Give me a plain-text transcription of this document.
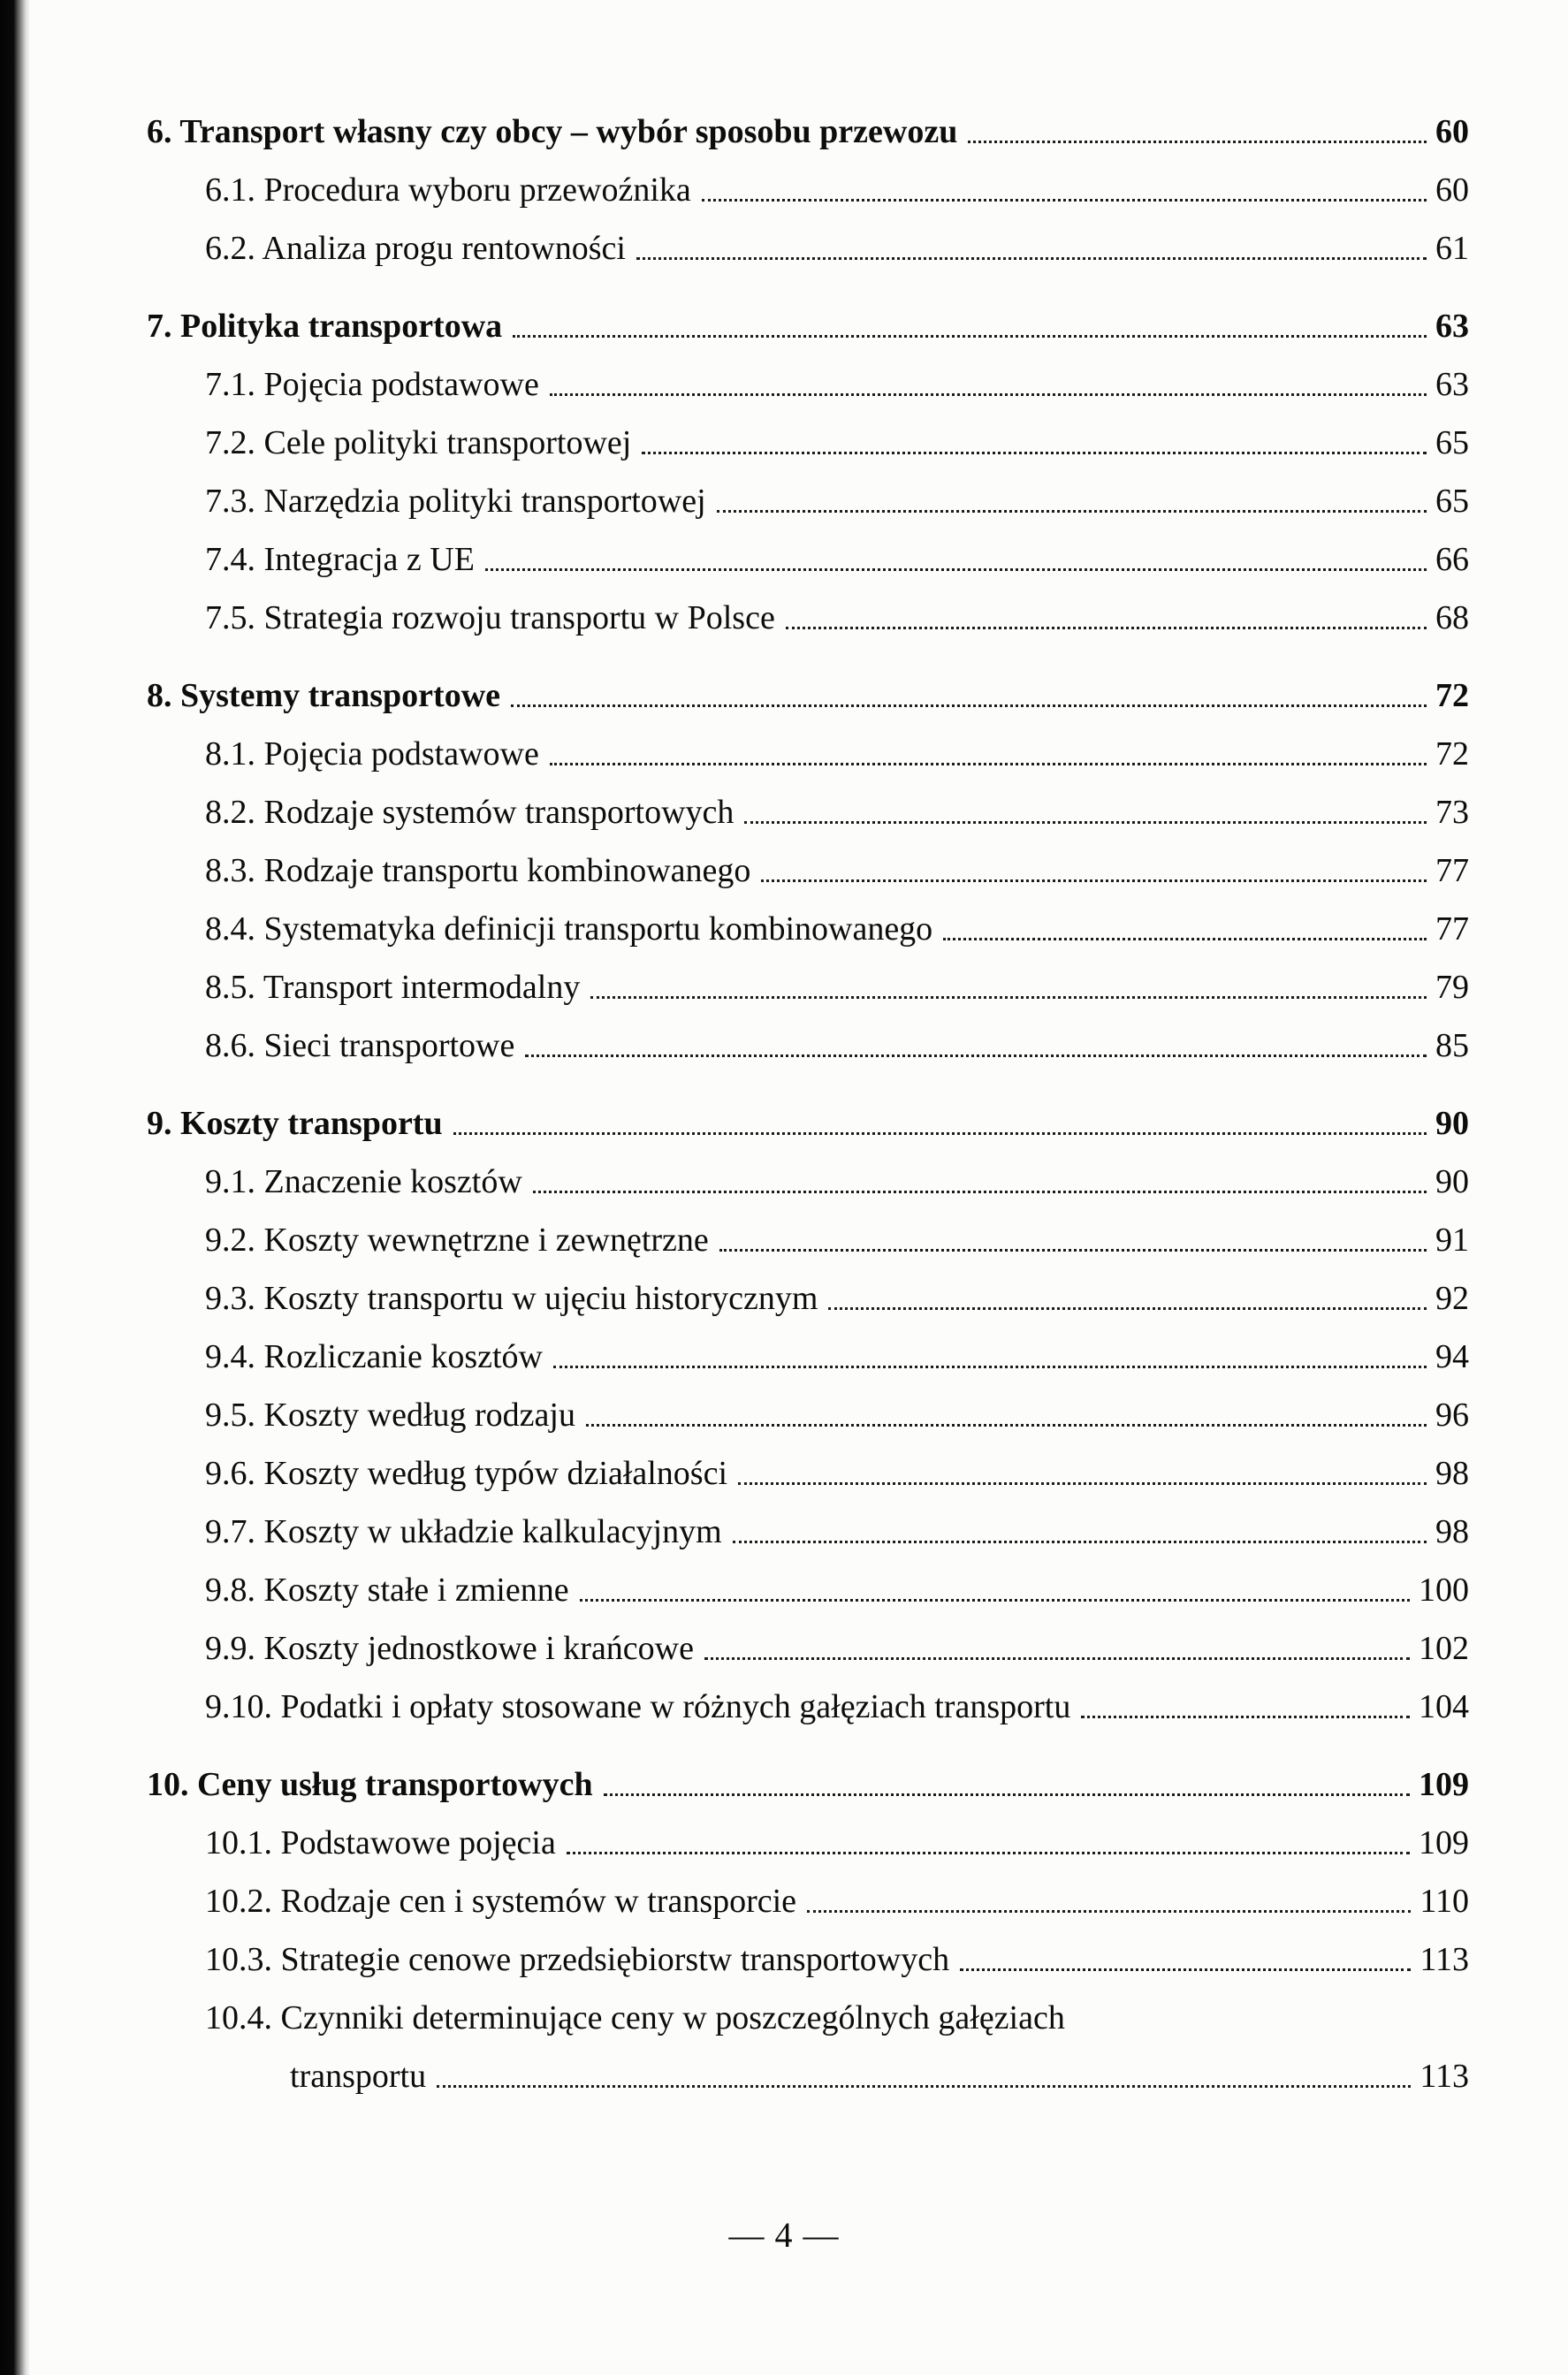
6. Transport własny czy obcy – wybór sposobu przewozu	60
6.1. Procedura wyboru przewoźnika	60
6.2. Analiza progu rentowności	61
7. Polityka transportowa	63
7.1. Pojęcia podstawowe	63
7.2. Cele polityki transportowej	65
7.3. Narzędzia polityki transportowej	65
7.4. Integracja z UE	66
7.5. Strategia rozwoju transportu w Polsce	68
8. Systemy transportowe	72
8.1. Pojęcia podstawowe	72
8.2. Rodzaje systemów transportowych	73
8.3. Rodzaje transportu kombinowanego	77
8.4. Systematyka definicji transportu kombinowanego	77
8.5. Transport intermodalny	79
8.6. Sieci transportowe	85
9. Koszty transportu	90
9.1. Znaczenie kosztów	90
9.2. Koszty wewnętrzne i zewnętrzne	91
9.3. Koszty transportu w ujęciu historycznym	92
9.4. Rozliczanie kosztów	94
9.5. Koszty według rodzaju	96
9.6. Koszty według typów działalności	98
9.7. Koszty w układzie kalkulacyjnym	98
9.8. Koszty stałe i zmienne	100
9.9. Koszty jednostkowe i krańcowe	102
9.10. Podatki i opłaty stosowane w różnych gałęziach transportu	104
10. Ceny usług transportowych	109
10.1. Podstawowe pojęcia	109
10.2. Rodzaje cen i systemów w transporcie	110
10.3. Strategie cenowe przedsiębiorstw transportowych	113
10.4. Czynniki determinujące ceny w poszczególnych gałęziach
transportu	113
— 4 —
